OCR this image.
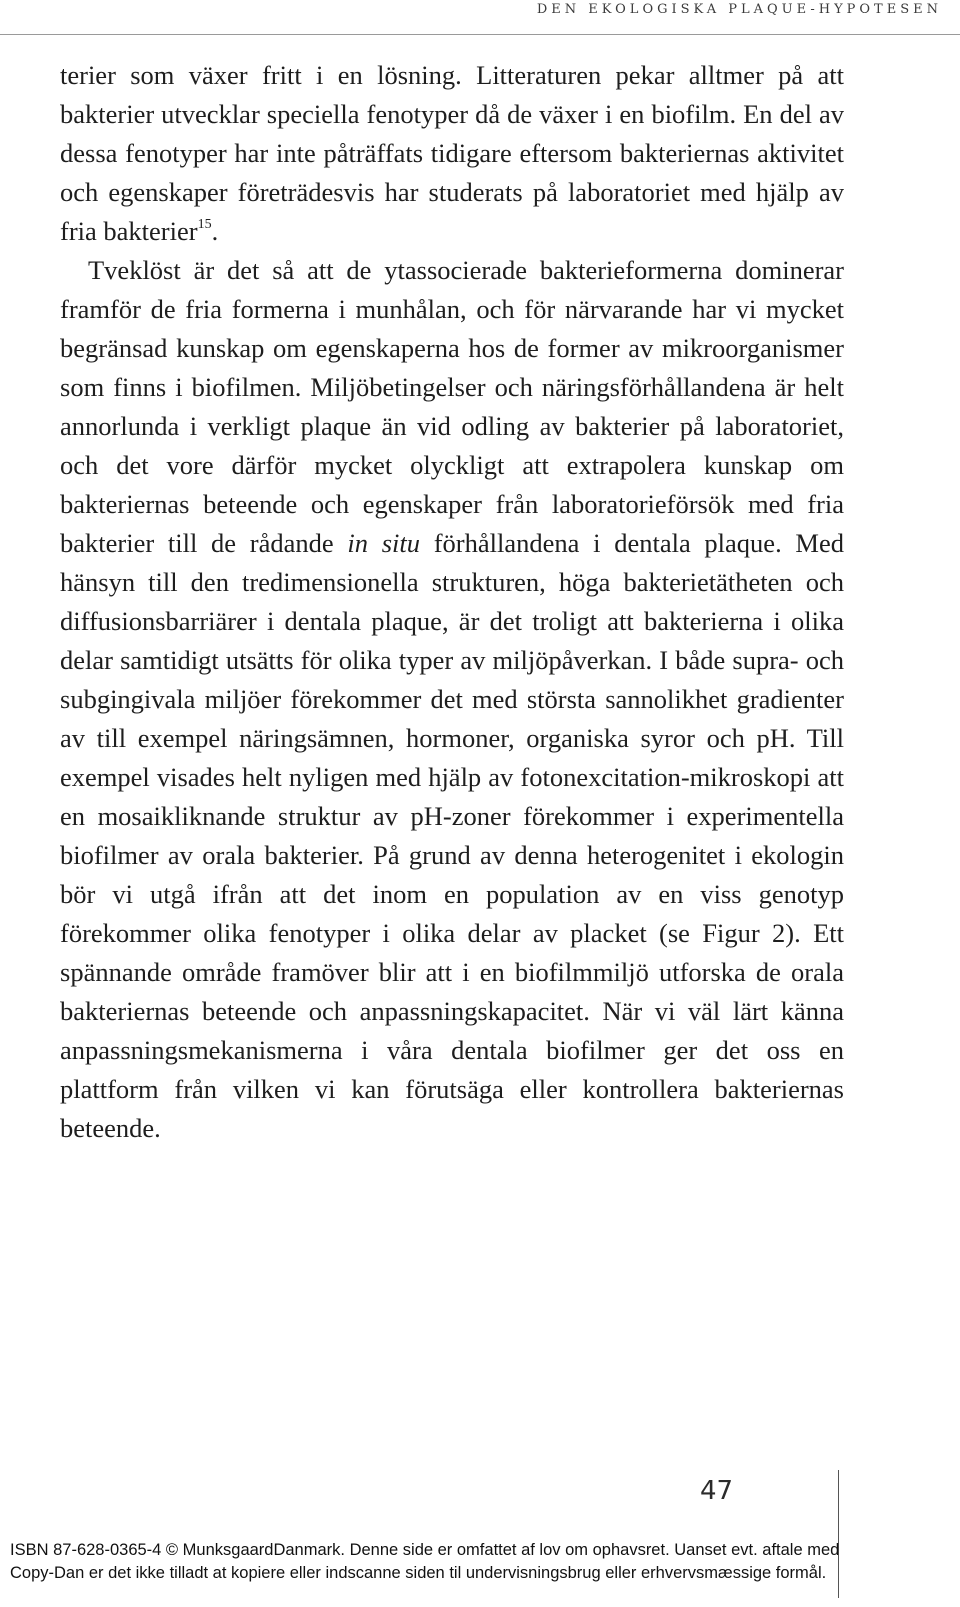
DEN EKOLOGISKA PLAQUE-HYPOTESEN

terier som växer fritt i en lösning. Litteraturen pekar alltmer på att bakterier utvecklar speciella fenotyper då de växer i en biofilm. En del av dessa fenotyper har inte påträffats tidigare eftersom bakteriernas aktivitet och egenskaper företrädesvis har studerats på laboratoriet med hjälp av fria bakterier$^{15}$.

Tveklöst är det så att de ytassocierade bakterieformerna dominerar framför de fria formerna i munhålan, och för närvarande har vi mycket begränsad kunskap om egenskaperna hos de former av mikroorganismer som finns i biofilmen. Miljöbetingelser och näringsförhållandena är helt annorlunda i verkligt plaque än vid odling av bakterier på laboratoriet, och det vore därför mycket olyckligt att extrapolera kunskap om bakteriernas beteende och egenskaper från laboratorieförsök med fria bakterier till de rådande in situ förhållandena i dentala plaque. Med hänsyn till den tredimensionella strukturen, höga bakterietätheten och diffusionsbarriärer i dentala plaque, är det troligt att bakterierna i olika delar samtidigt utsätts för olika typer av miljöpåverkan. I både supra- och subgingivala miljöer förekommer det med största sannolikhet gradienter av till exempel näringsämnen, hormoner, organiska syror och pH. Till exempel visades helt nyligen med hjälp av fotonexcitation-mikroskopi att en mosaikliknande struktur av pH-zoner förekommer i experimentella biofilmer av orala bakterier. På grund av denna heterogenitet i ekologin bör vi utgå ifrån att det inom en population av en viss genotyp förekommer olika fenotyper i olika delar av placket (se Figur 2). Ett spännande område framöver blir att i en biofilmmiljö utforska de orala bakteriernas beteende och anpassningskapacitet. När vi väl lärt känna anpassningsmekanismerna i våra dentala biofilmer ger det oss en plattform från vilken vi kan förutsäga eller kontrollera bakteriernas beteende.

47
ISBN 87-628-0365-4 © MunksgaardDanmark. Denne side er omfattet af lov om ophavsret. Uanset evt. aftale med
Copy-Dan er det ikke tilladt at kopiere eller indscanne siden til undervisningsbrug eller erhvervsmæssige formål.
